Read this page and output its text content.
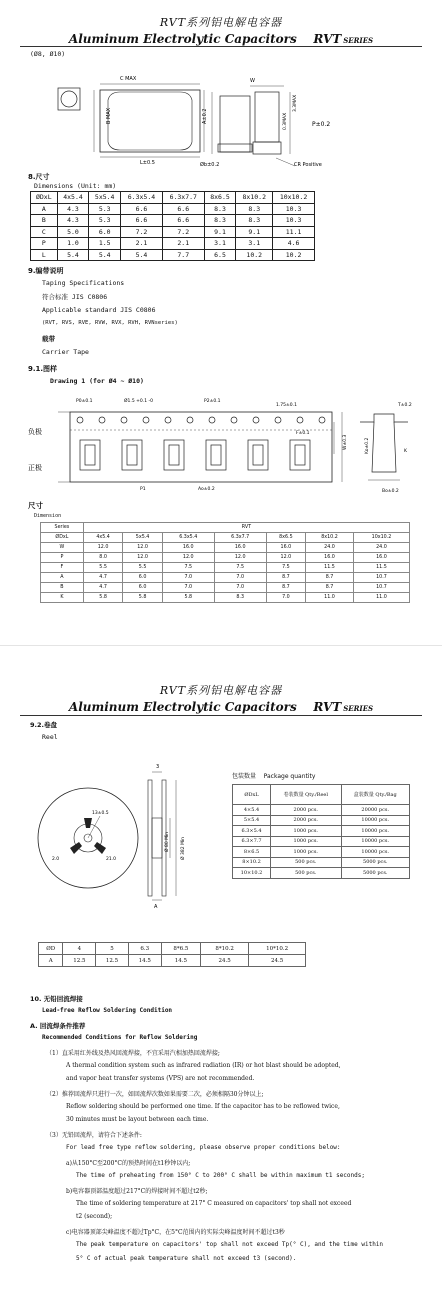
RVT系列铝电解电容器
Aluminum Electrolytic Capacitors RVT SERIES
(Ø8, Ø10)
C MAX
B MAX
L±0.5
A±0.2
Øb±0.2
W
P±0.2
CR Positive
3.3MAX
0.3MAX
8.尺寸
Dimensions (Unit: mm)
ØDxL	4x5.4	5x5.4	6.3x5.4	6.3x7.7	8x6.5	8x10.2	10x10.2
A	4.3	5.3	6.6	6.6	8.3	8.3	10.3
B	4.3	5.3	6.6	6.6	8.3	8.3	10.3
C	5.0	6.0	7.2	7.2	9.1	9.1	11.1
P	1.0	1.5	2.1	2.1	3.1	3.1	4.6
L	5.4	5.4	5.4	7.7	6.5	10.2	10.2
9.编带说明
Taping Specifications
符合标准 JIS C0806
Applicable standard JIS C0806
(RVT, RVS, RVE, RVW, RVX, RVH, RVNseries)
载带
Carrier Tape
9.1.图样
Drawing 1 (for Ø4 ~ Ø10)
负极
正极
P0±0.1	Ø1.5 +0.1 -0	P2±0.1
1.75±0.1
F±0.1
W±0.3
P1	Ao±0.2
T±0.2
Ko±0.2
Bo±0.2
K
尺寸
Dimension
Series	RVT						
ØDxL	4x5.4	5x5.4	6.3x5.4	6.3x7.7	8x6.5	8x10.2	10x10.2
W	12.0	12.0	16.0	16.0	16.0	24.0	24.0
P	8.0	12.0	12.0	12.0	12.0	16.0	16.0
F	5.5	5.5	7.5	7.5	7.5	11.5	11.5
A	4.7	6.0	7.0	7.0	8.7	8.7	10.7
B	4.7	6.0	7.0	7.0	8.7	8.7	10.7
K	5.8	5.8	5.8	8.3	7.0	11.0	11.0
RVT系列铝电解电容器
Aluminum Electrolytic Capacitors RVT SERIES
9.2.卷盘
Reel
13±0.5
2.0	21.0
3
A
Ø 80 Min	Ø 382 Min
包装数量 Package quantity
ØDxL	卷装数量 Qty./Reel	盒装数量 Qty./Bag
4×5.4	2000 pcs.	20000 pcs.
5×5.4	2000 pcs.	10000 pcs.
6.3×5.4	1000 pcs.	10000 pcs.
6.3×7.7	1000 pcs.	10000 pcs.
8×6.5	1000 pcs.	10000 pcs.
8×10.2	500 pcs.	5000 pcs.
10×10.2	500 pcs.	5000 pcs.
ØD	4	5	6.3	8*6.5	8*10.2	10*10.2
A	12.5	12.5	14.5	14.5	24.5	24.5
10. 无铅回流焊接
Lead-free Reflow Soldering Condition
A. 回流焊条件推荐
Recommended Conditions for Reflow Soldering
（1）直采用红外线及热风回流焊接，不宜采用汽相加热回流焊接;
A thermal condition system such as infrared radiation (IR) or hot blast should be adopted,
and vapor heat transfer systems (VPS) are not recommended.
（2）推荐回流焊只进行一次，如回流焊次数如果需要二次，必须相隔30分钟以上;
Reflow soldering should be performed one time. If the capacitor has to be reflowed twice,
30 minutes must be layout between each time.
（3）无铅回流焊，请符合下述条件:
For lead free type reflow soldering, please observe proper conditions below:
a)从150°C至200°C的预热时间在t1秒钟以内;
The time of preheating from 150° C to 200° C shall be within maximum t1 seconds;
b)电容器顶部温度超过217°C的焊接时间不超过t2秒;
The time of soldering temperature at 217° C measured on capacitors' top shall not exceed
t2 (second);
c)电容器顶部尖峰温度不超过Tp°C，在5°C范围内的实际尖峰温度时间不超过t3秒
The peak temperature on capacitors' top shall not exceed Tp(° C), and the time within
5° C of actual peak temperature shall not exceed t3 (second).
